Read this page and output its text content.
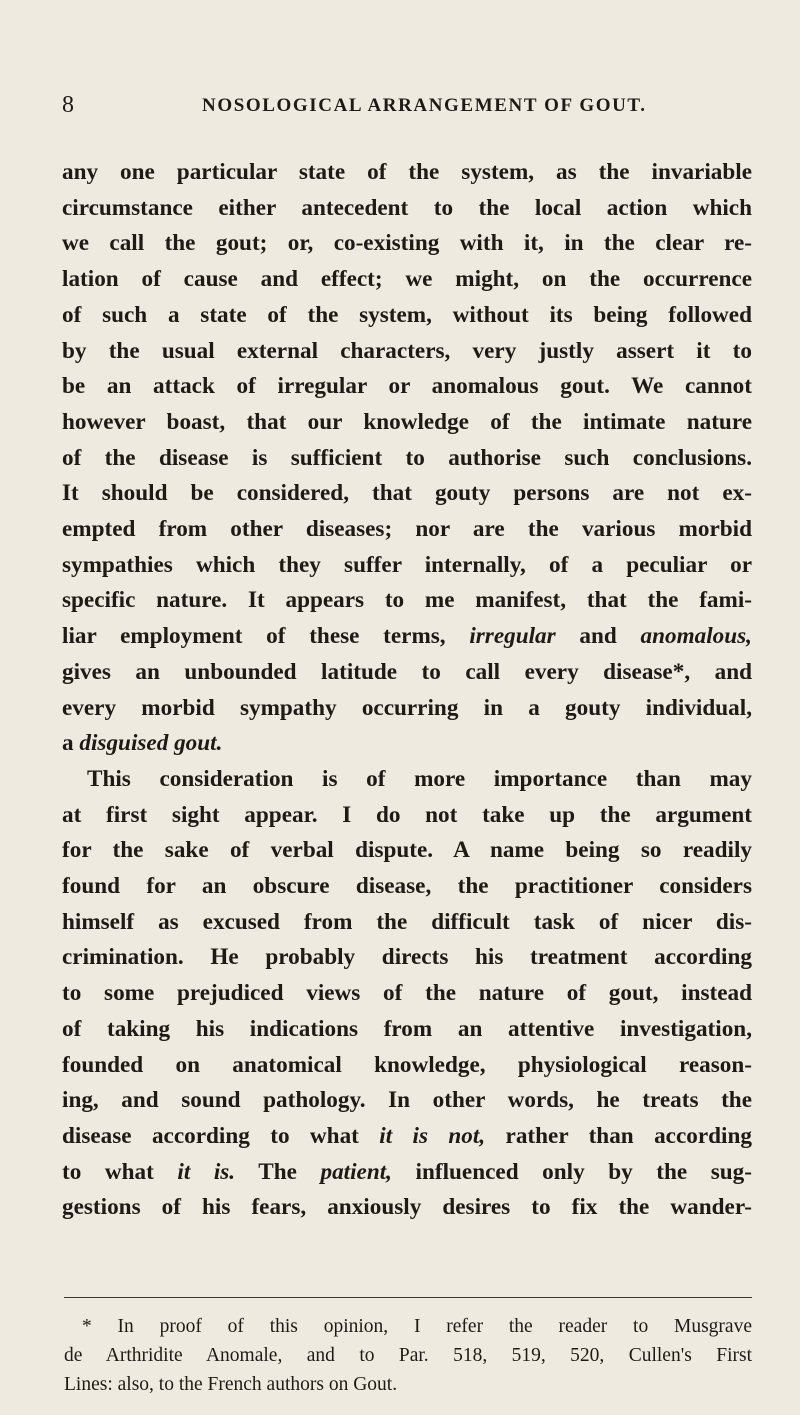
8	NOSOLOGICAL ARRANGEMENT OF GOUT.

any one particular state of the system, as the invariable
circumstance either antecedent to the local action which
we call the gout; or, co-existing with it, in the clear re-
lation of cause and effect; we might, on the occurrence
of such a state of the system, without its being followed
by the usual external characters, very justly assert it to
be an attack of irregular or anomalous gout. We cannot
however boast, that our knowledge of the intimate nature
of the disease is sufficient to authorise such conclusions.
It should be considered, that gouty persons are not ex-
empted from other diseases; nor are the various morbid
sympathies which they suffer internally, of a peculiar or
specific nature. It appears to me manifest, that the fami-
liar employment of these terms, irregular and anomalous,
gives an unbounded latitude to call every disease*, and
every morbid sympathy occurring in a gouty individual,
a disguised gout.

This consideration is of more importance than may
at first sight appear. I do not take up the argument
for the sake of verbal dispute. A name being so readily
found for an obscure disease, the practitioner considers
himself as excused from the difficult task of nicer dis-
crimination. He probably directs his treatment according
to some prejudiced views of the nature of gout, instead
of taking his indications from an attentive investigation,
founded on anatomical knowledge, physiological reason-
ing, and sound pathology. In other words, he treats the
disease according to what it is not, rather than according
to what it is. The patient, influenced only by the sug-
gestions of his fears, anxiously desires to fix the wander-

* In proof of this opinion, I refer the reader to Musgrave
de Arthridite Anomale, and to Par. 518, 519, 520, Cullen's First
Lines: also, to the French authors on Gout.
